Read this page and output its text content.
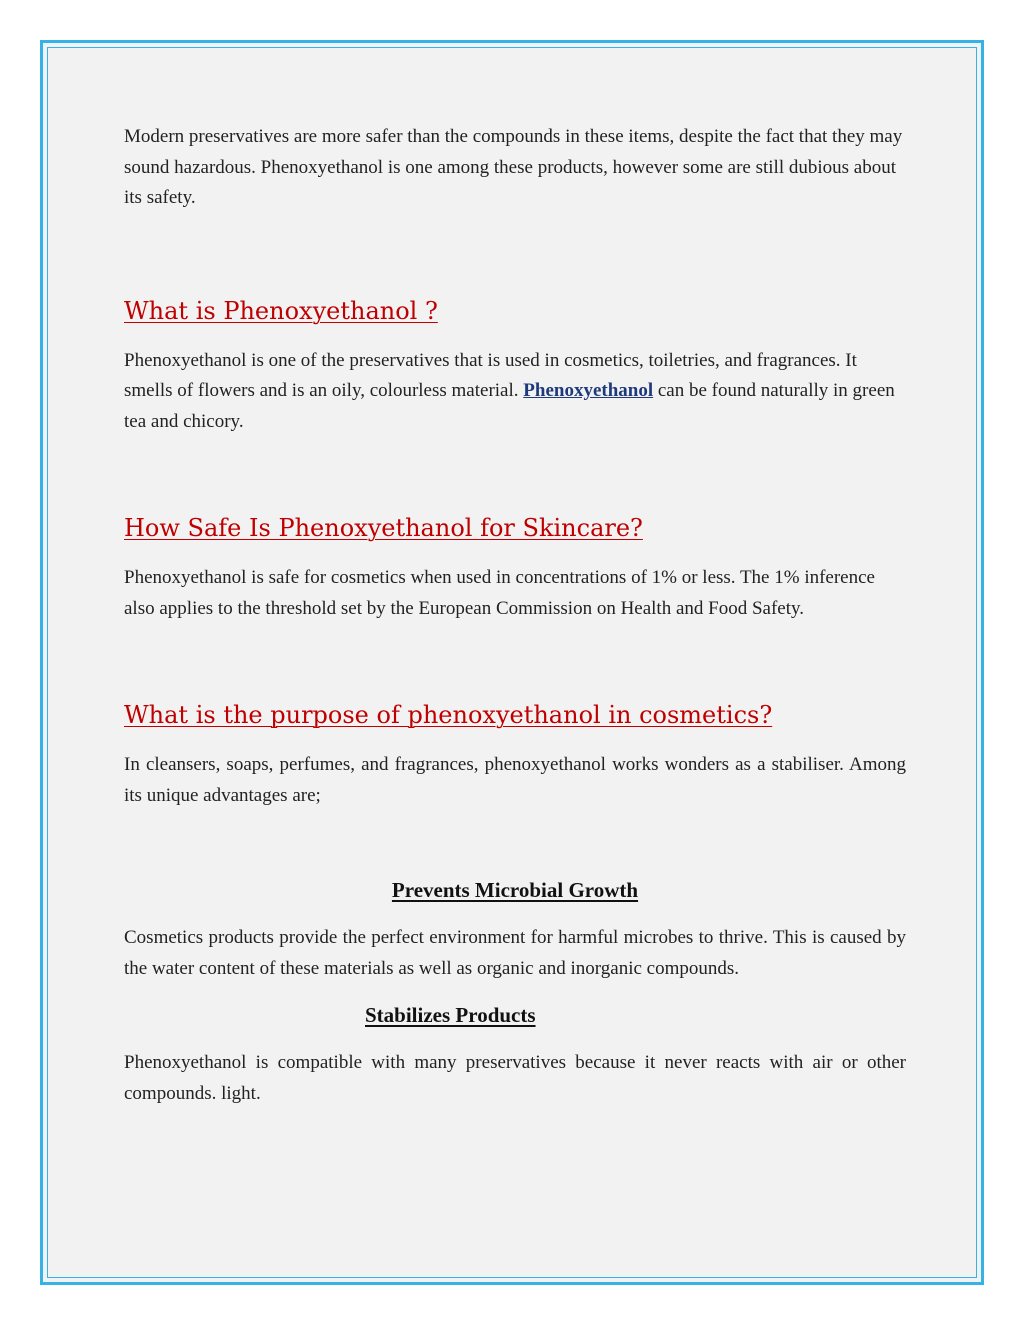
Modern preservatives are more safer than the compounds in these items, despite the fact that they may sound hazardous. Phenoxyethanol is one among these products, however some are still dubious about its safety.

What is Phenoxyethanol ?

Phenoxyethanol is one of the preservatives that is used in cosmetics, toiletries, and fragrances. It smells of flowers and is an oily, colourless material. Phenoxyethanol can be found naturally in green tea and chicory.

How Safe Is Phenoxyethanol for Skincare?

Phenoxyethanol is safe for cosmetics when used in concentrations of 1% or less. The 1% inference also applies to the threshold set by the European Commission on Health and Food Safety.

What is the purpose of phenoxyethanol in cosmetics?

In cleansers, soaps, perfumes, and fragrances, phenoxyethanol works wonders as a stabiliser. Among its unique advantages are;

Prevents Microbial Growth

Cosmetics products provide the perfect environment for harmful microbes to thrive. This is caused by the water content of these materials as well as organic and inorganic compounds.

Stabilizes Products

Phenoxyethanol is compatible with many preservatives because it never reacts with air or other compounds. light.
